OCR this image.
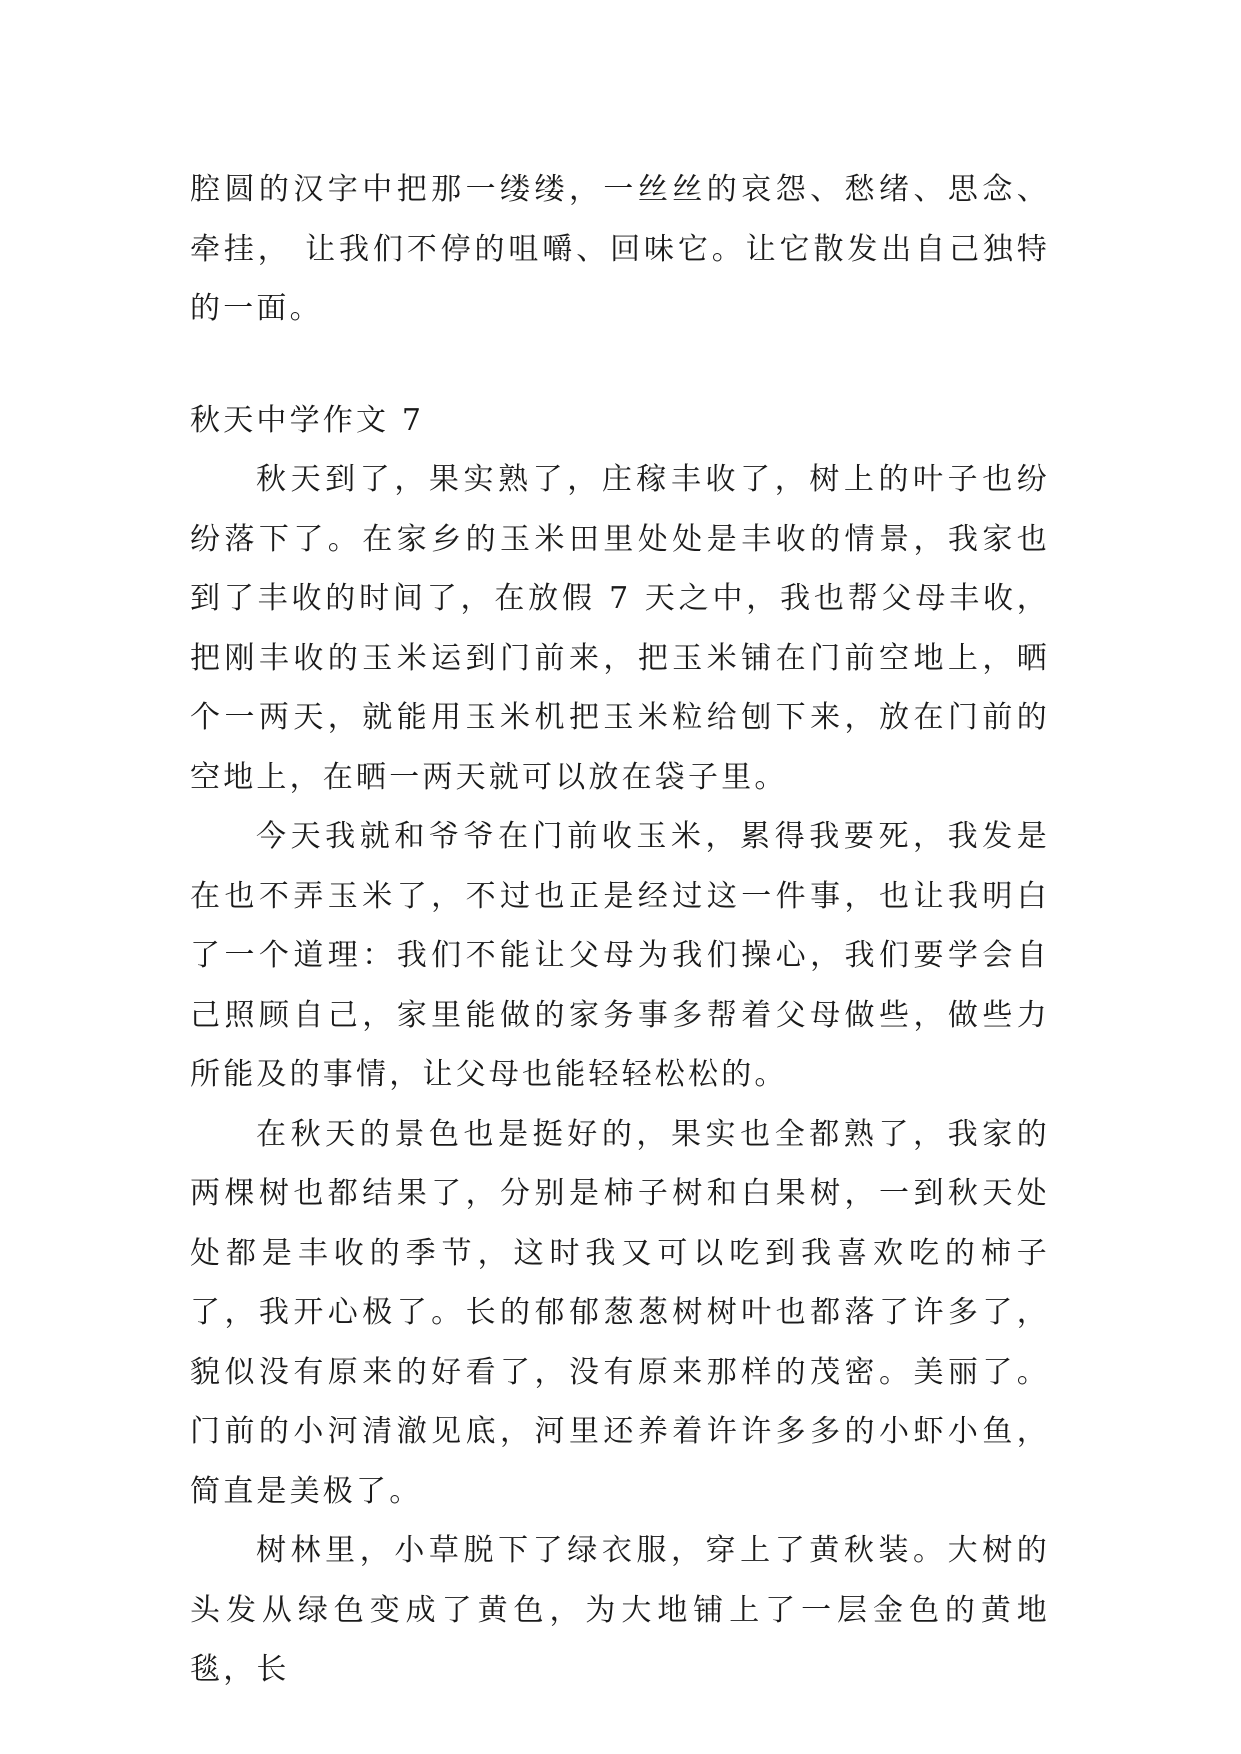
腔圆的汉字中把那一缕缕，一丝丝的哀怨、愁绪、思念、牵挂， 让我们不停的咀嚼、回味它。让它散发出自己独特的一面。

秋天中学作文 7

秋天到了，果实熟了，庄稼丰收了，树上的叶子也纷纷落下了。在家乡的玉米田里处处是丰收的情景，我家也到了丰收的时间了，在放假 7 天之中，我也帮父母丰收，把刚丰收的玉米运到门前来，把玉米铺在门前空地上，晒个一两天，就能用玉米机把玉米粒给刨下来，放在门前的空地上，在晒一两天就可以放在袋子里。

今天我就和爷爷在门前收玉米，累得我要死，我发是在也不弄玉米了，不过也正是经过这一件事，也让我明白了一个道理：我们不能让父母为我们操心，我们要学会自己照顾自己，家里能做的家务事多帮着父母做些，做些力所能及的事情，让父母也能轻轻松松的。

在秋天的景色也是挺好的，果实也全都熟了，我家的两棵树也都结果了，分别是柿子树和白果树，一到秋天处处都是丰收的季节，这时我又可以吃到我喜欢吃的柿子了，我开心极了。长的郁郁葱葱树树叶也都落了许多了，貌似没有原来的好看了，没有原来那样的茂密。美丽了。门前的小河清澈见底，河里还养着许许多多的小虾小鱼，简直是美极了。

树林里，小草脱下了绿衣服，穿上了黄秋装。大树的头发从绿色变成了黄色，为大地铺上了一层金色的黄地毯，长
